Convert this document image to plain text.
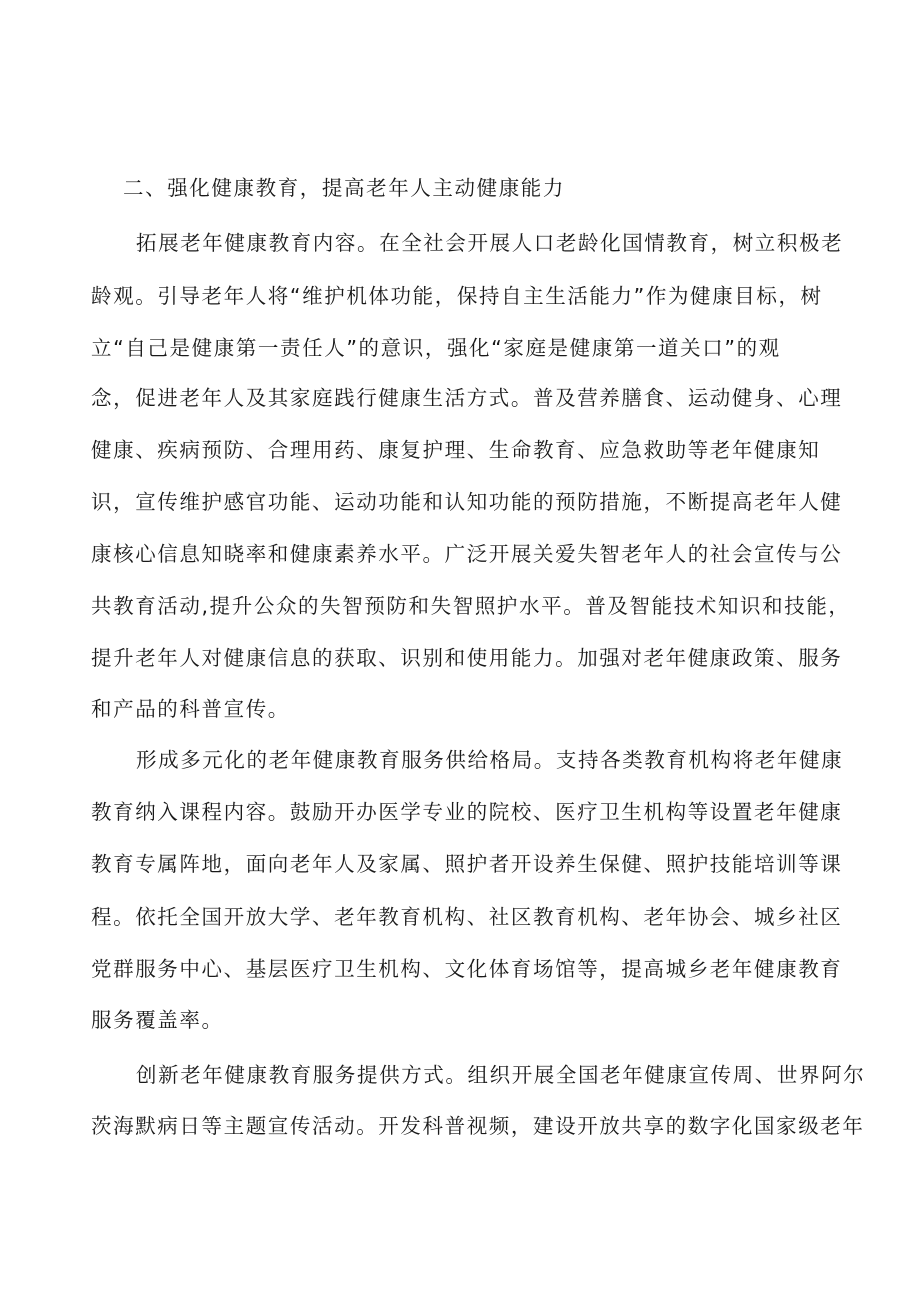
二、强化健康教育，提高老年人主动健康能力
拓展老年健康教育内容。在全社会开展人口老龄化国情教育，树立积极老
龄观。引导老年人将“维护机体功能，保持自主生活能力”作为健康目标，树
立“自己是健康第一责任人”的意识，强化“家庭是健康第一道关口”的观
念，促进老年人及其家庭践行健康生活方式。普及营养膳食、运动健身、心理
健康、疾病预防、合理用药、康复护理、生命教育、应急救助等老年健康知
识，宣传维护感官功能、运动功能和认知功能的预防措施，不断提高老年人健
康核心信息知晓率和健康素养水平。广泛开展关爱失智老年人的社会宣传与公
共教育活动,提升公众的失智预防和失智照护水平。普及智能技术知识和技能，
提升老年人对健康信息的获取、识别和使用能力。加强对老年健康政策、服务
和产品的科普宣传。
形成多元化的老年健康教育服务供给格局。支持各类教育机构将老年健康
教育纳入课程内容。鼓励开办医学专业的院校、医疗卫生机构等设置老年健康
教育专属阵地，面向老年人及家属、照护者开设养生保健、照护技能培训等课
程。依托全国开放大学、老年教育机构、社区教育机构、老年协会、城乡社区
党群服务中心、基层医疗卫生机构、文化体育场馆等，提高城乡老年健康教育
服务覆盖率。
创新老年健康教育服务提供方式。组织开展全国老年健康宣传周、世界阿尔
茨海默病日等主题宣传活动。开发科普视频，建设开放共享的数字化国家级老年
